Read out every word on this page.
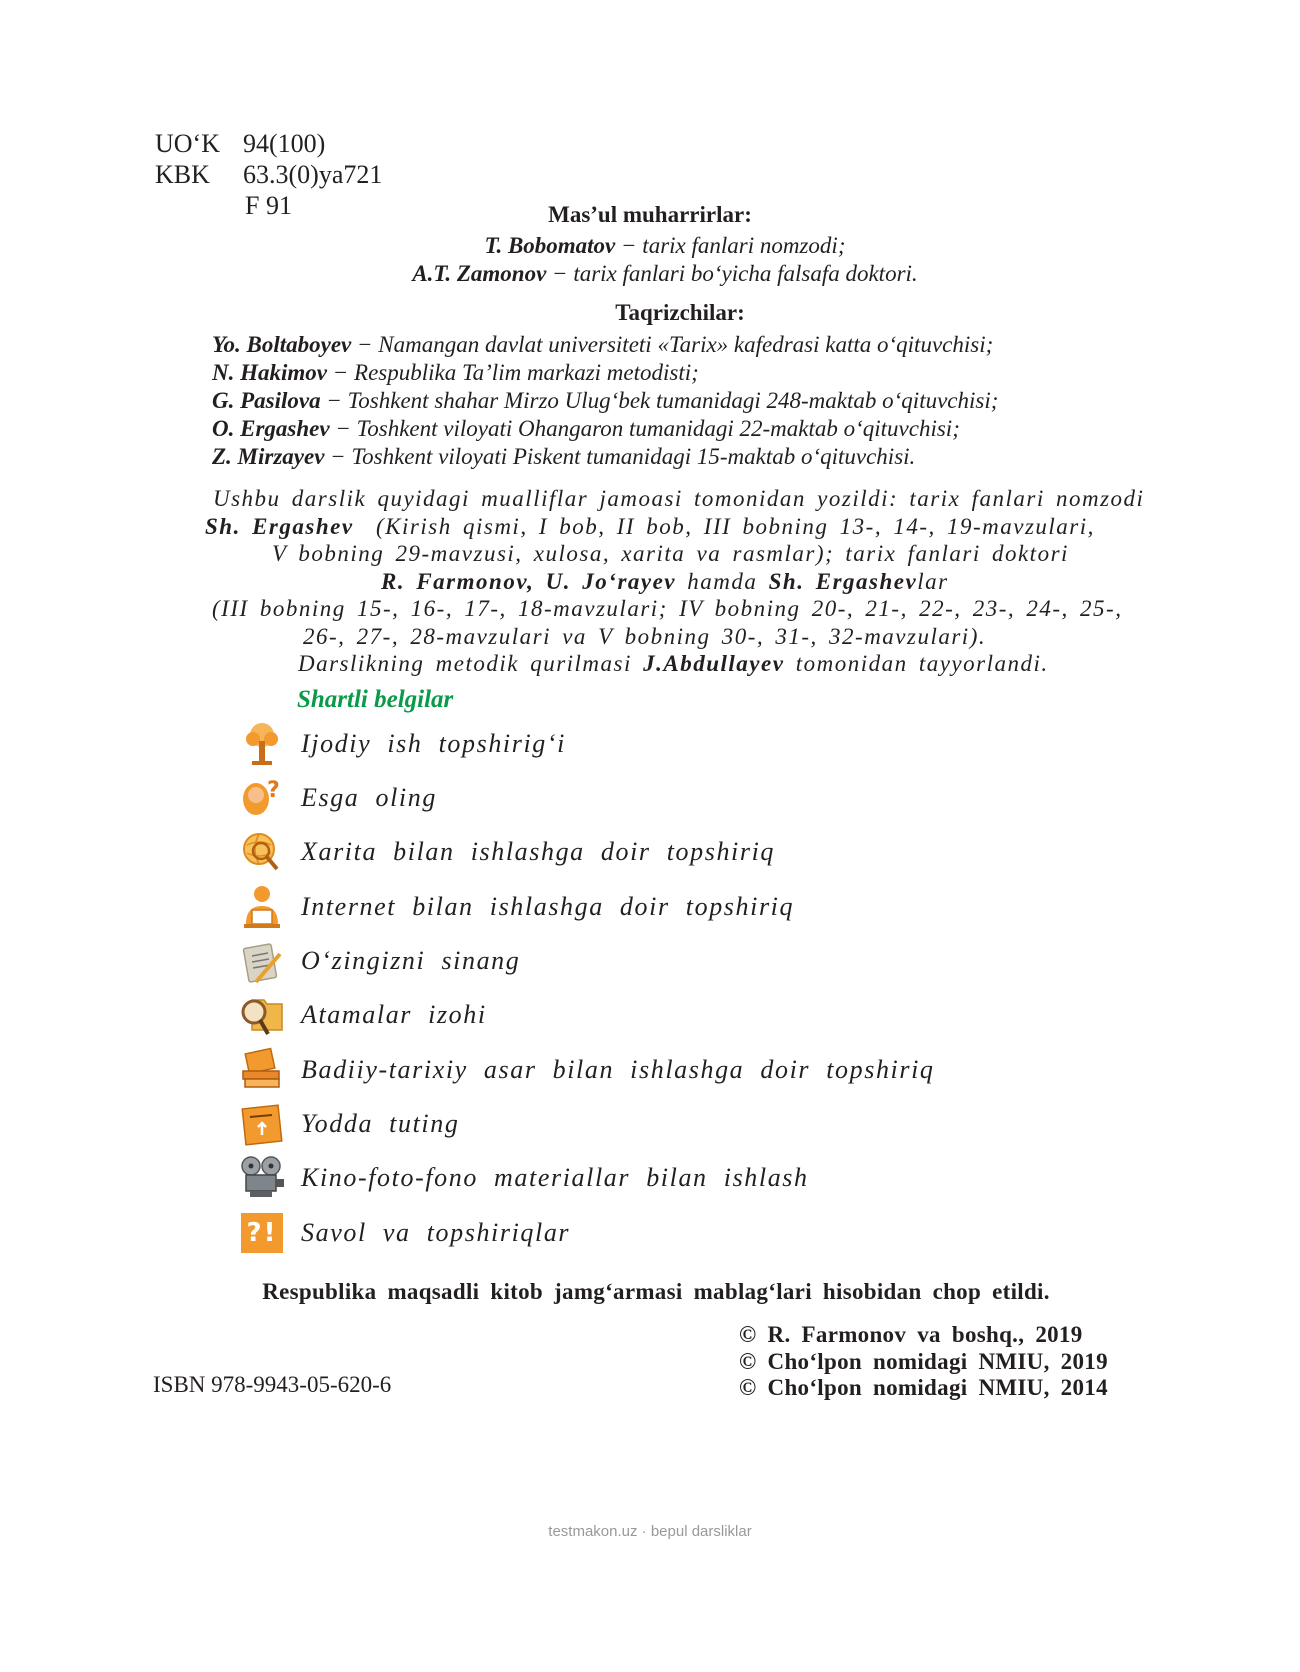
UO‘K 94(100)
KBK 63.3(0)ya721
F 91	Mas’ul muharrirlar:
T. Bobomatov − tarix fanlari nomzodi;
A.T. Zamonov − tarix fanlari bo‘yicha falsafa doktori.
Taqrizchilar:
Yo. Boltaboyev − Namangan davlat universiteti «Tarix» kafedrasi katta o‘qituvchisi;
N. Hakimov − Respublika Ta’lim markazi metodisti;
G. Pasilova − Toshkent shahar Mirzo Ulug‘bek tumanidagi 248-maktab o‘qituvchisi;
O. Ergashev − Toshkent viloyati Ohangaron tumanidagi 22-maktab o‘qituvchisi;
Z. Mirzayev − Toshkent viloyati Piskent tumanidagi 15-maktab o‘qituvchisi.
Ushbu darslik quyidagi mualliflar jamoasi tomonidan yozildi: tarix fanlari nomzodi
Sh. Ergashev  (Kirish qismi, I bob, II bob, III bobning 13-, 14-, 19-mavzulari,
V bobning 29-mavzusi, xulosa, xarita va rasmlar); tarix fanlari doktori
R. Farmonov, U. Jo‘rayev hamda Sh. Ergashevlar
(III bobning 15-, 16-, 17-, 18-mavzulari; IV bobning 20-, 21-, 22-, 23-, 24-, 25-,
26-, 27-, 28-mavzulari va V bobning 30-, 31-, 32-mavzulari).
Darslikning metodik qurilmasi J.Abdullayev tomonidan tayyorlandi.
Shartli belgilar
Ijodiy ish topshirig‘i
? Esga oling
Xarita bilan ishlashga doir topshiriq
Internet bilan ishlashga doir topshiriq
O‘zingizni sinang
Atamalar izohi
Badiiy-tarixiy asar bilan ishlashga doir topshiriq
Yodda tuting
Kino-foto-fono materiallar bilan ishlash
?! Savol va topshiriqlar
Respublika maqsadli kitob jamg‘armasi mablag‘lari hisobidan chop etildi.
© R. Farmonov va boshq., 2019
© Cho‘lpon nomidagi NMIU, 2019
© Cho‘lpon nomidagi NMIU, 2014
ISBN 978-9943-05-620-6
testmakon.uz · bepul darsliklar
